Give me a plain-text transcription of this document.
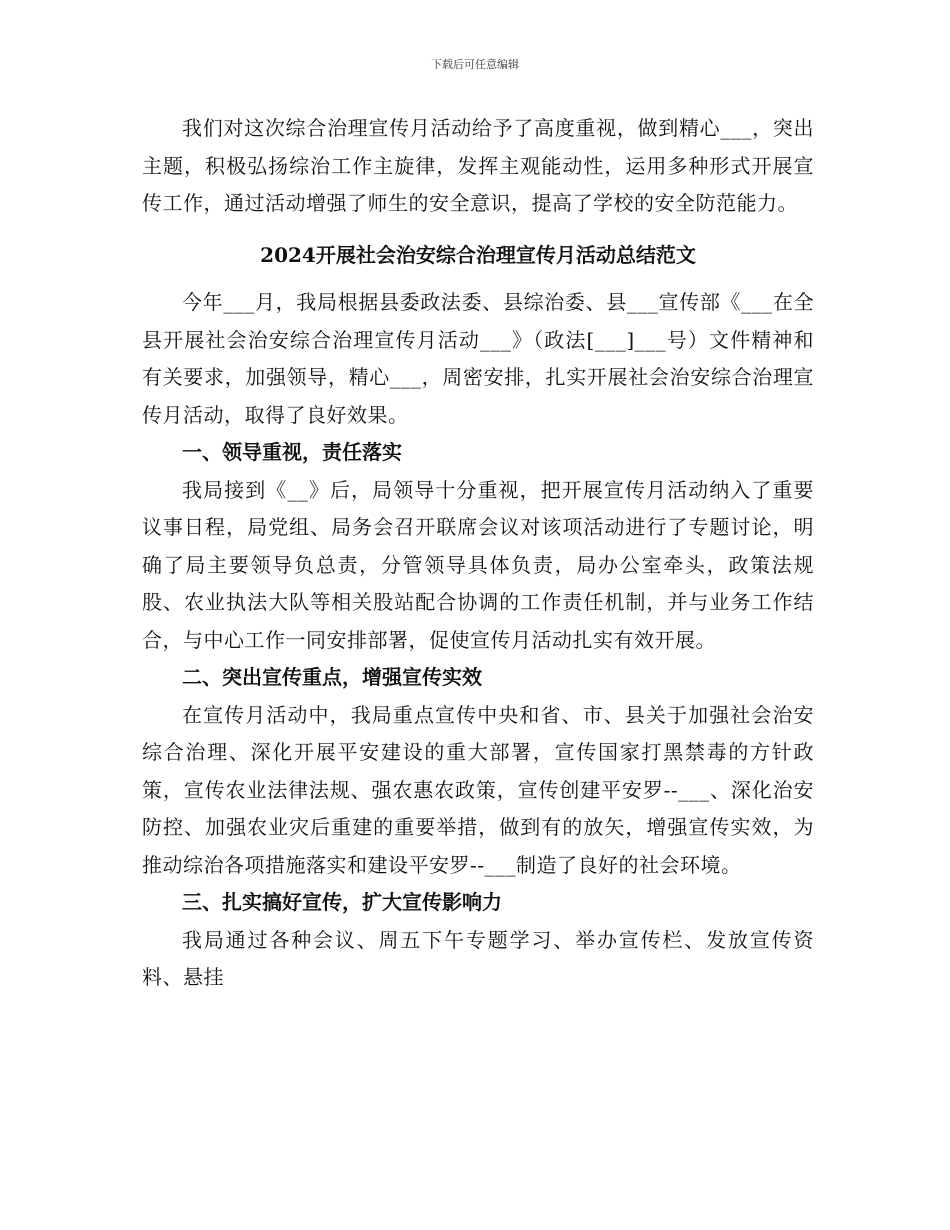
下载后可任意编辑

我们对这次综合治理宣传月活动给予了高度重视，做到精心___，突出主题，积极弘扬综治工作主旋律，发挥主观能动性，运用多种形式开展宣传工作，通过活动增强了师生的安全意识，提高了学校的安全防范能力。

2024开展社会治安综合治理宣传月活动总结范文

今年___月，我局根据县委政法委、县综治委、县___宣传部《___在全县开展社会治安综合治理宣传月活动___》（政法[___]___号）文件精神和有关要求，加强领导，精心___，周密安排，扎实开展社会治安综合治理宣传月活动，取得了良好效果。

一、领导重视，责任落实

我局接到《__》后，局领导十分重视，把开展宣传月活动纳入了重要议事日程，局党组、局务会召开联席会议对该项活动进行了专题讨论，明确了局主要领导负总责，分管领导具体负责，局办公室牵头，政策法规股、农业执法大队等相关股站配合协调的工作责任机制，并与业务工作结合，与中心工作一同安排部署，促使宣传月活动扎实有效开展。

二、突出宣传重点，增强宣传实效

在宣传月活动中，我局重点宣传中央和省、市、县关于加强社会治安综合治理、深化开展平安建设的重大部署，宣传国家打黑禁毒的方针政策，宣传农业法律法规、强农惠农政策，宣传创建平安罗--___、深化治安防控、加强农业灾后重建的重要举措，做到有的放矢，增强宣传实效，为推动综治各项措施落实和建设平安罗--___制造了良好的社会环境。

三、扎实搞好宣传，扩大宣传影响力

我局通过各种会议、周五下午专题学习、举办宣传栏、发放宣传资料、悬挂
